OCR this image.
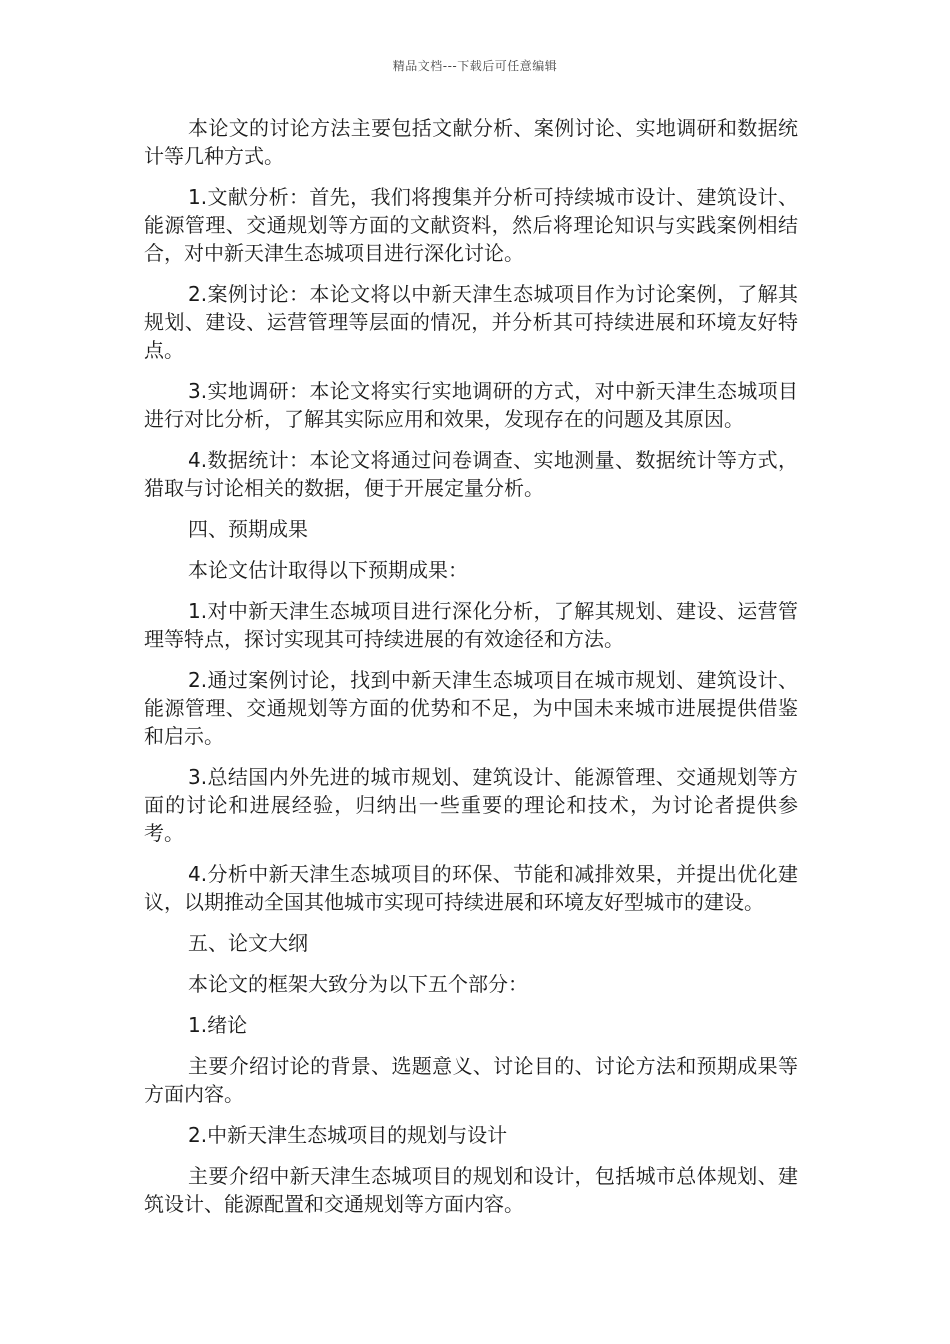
精品文档---下载后可任意编辑

本论文的讨论方法主要包括文献分析、案例讨论、实地调研和数据统计等几种方式。

1.文献分析：首先，我们将搜集并分析可持续城市设计、建筑设计、能源管理、交通规划等方面的文献资料，然后将理论知识与实践案例相结合，对中新天津生态城项目进行深化讨论。

2.案例讨论：本论文将以中新天津生态城项目作为讨论案例，了解其规划、建设、运营管理等层面的情况，并分析其可持续进展和环境友好特点。

3.实地调研：本论文将实行实地调研的方式，对中新天津生态城项目进行对比分析，了解其实际应用和效果，发现存在的问题及其原因。

4.数据统计：本论文将通过问卷调查、实地测量、数据统计等方式，猎取与讨论相关的数据，便于开展定量分析。

四、预期成果

本论文估计取得以下预期成果：

1.对中新天津生态城项目进行深化分析，了解其规划、建设、运营管理等特点，探讨实现其可持续进展的有效途径和方法。

2.通过案例讨论，找到中新天津生态城项目在城市规划、建筑设计、能源管理、交通规划等方面的优势和不足，为中国未来城市进展提供借鉴和启示。

3.总结国内外先进的城市规划、建筑设计、能源管理、交通规划等方面的讨论和进展经验，归纳出一些重要的理论和技术，为讨论者提供参考。

4.分析中新天津生态城项目的环保、节能和减排效果，并提出优化建议，以期推动全国其他城市实现可持续进展和环境友好型城市的建设。

五、论文大纲

本论文的框架大致分为以下五个部分：

1.绪论

主要介绍讨论的背景、选题意义、讨论目的、讨论方法和预期成果等方面内容。

2.中新天津生态城项目的规划与设计

主要介绍中新天津生态城项目的规划和设计，包括城市总体规划、建筑设计、能源配置和交通规划等方面内容。
